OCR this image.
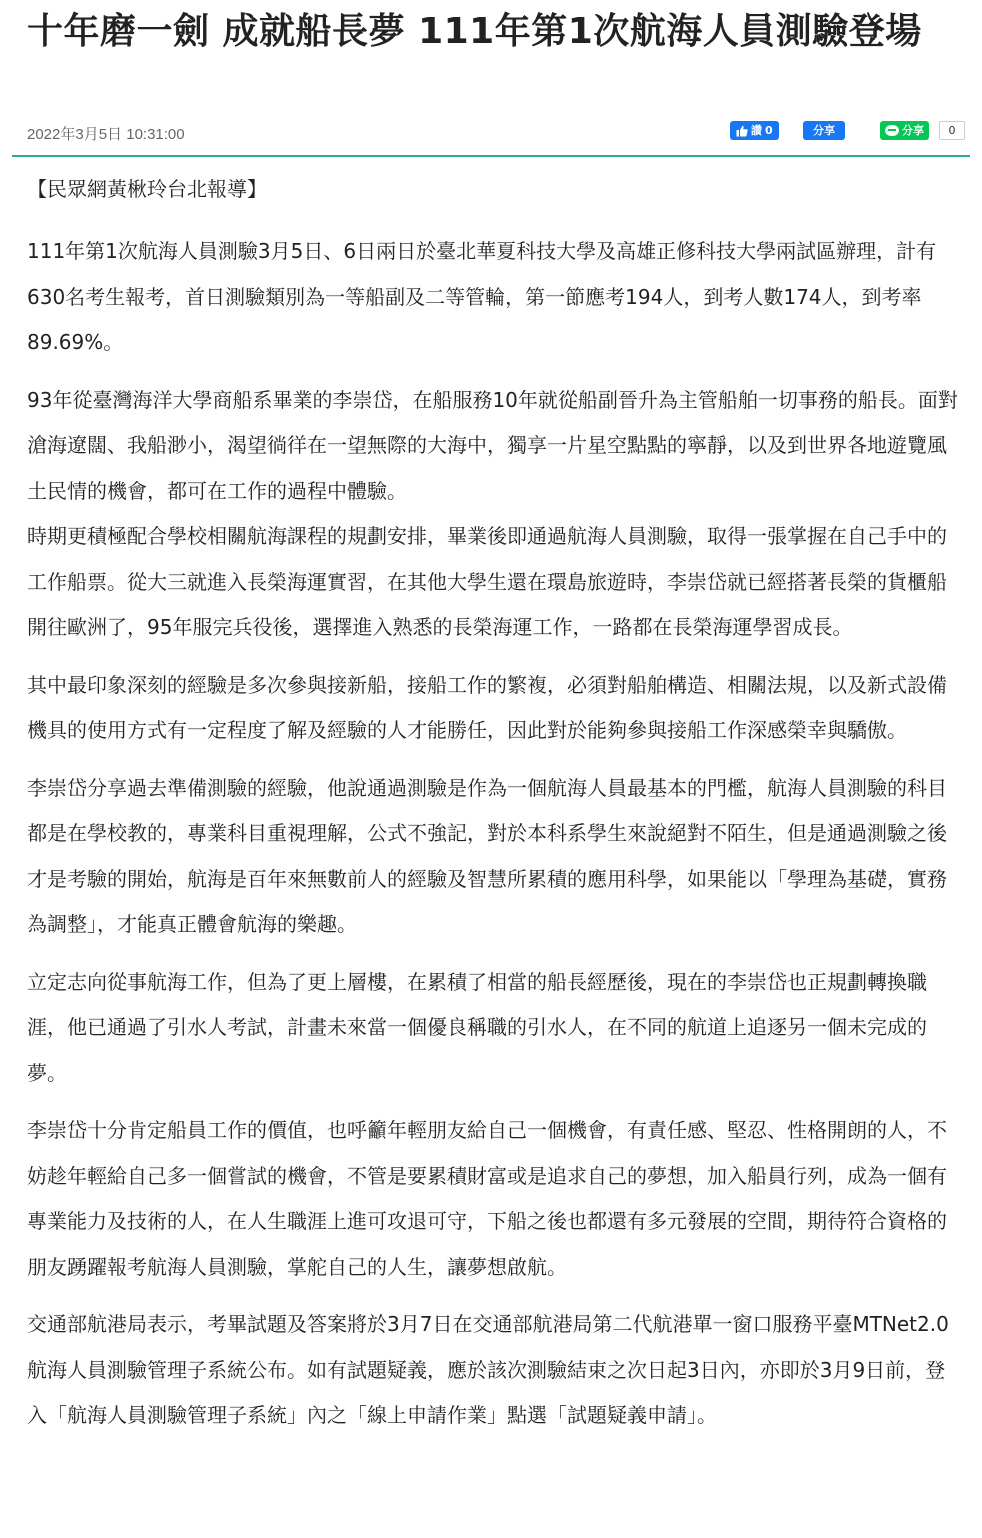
十年磨一劍 成就船長夢 111年第1次航海人員測驗登場
2022年3月5日 10:31:00	讚 0	分享	分享	0

【民眾網黃楸玲台北報導】

111年第1次航海人員測驗3月5日、6日兩日於臺北華夏科技大學及高雄正修科技大學兩試區辦理，計有630名考生報考，首日測驗類別為一等船副及二等管輪，第一節應考194人，到考人數174人，到考率89.69%。

93年從臺灣海洋大學商船系畢業的李崇岱，在船服務10年就從船副晉升為主管船舶一切事務的船長。面對滄海遼闊、我船渺小，渴望徜徉在一望無際的大海中，獨享一片星空點點的寧靜，以及到世界各地遊覽風土民情的機會，都可在工作的過程中體驗。

時期更積極配合學校相關航海課程的規劃安排，畢業後即通過航海人員測驗，取得一張掌握在自己手中的工作船票。從大三就進入長榮海運實習，在其他大學生還在環島旅遊時，李崇岱就已經搭著長榮的貨櫃船開往歐洲了，95年服完兵役後，選擇進入熟悉的長榮海運工作，一路都在長榮海運學習成長。

其中最印象深刻的經驗是多次參與接新船，接船工作的繁複，必須對船舶構造、相關法規，以及新式設備機具的使用方式有一定程度了解及經驗的人才能勝任，因此對於能夠參與接船工作深感榮幸與驕傲。

李崇岱分享過去準備測驗的經驗，他說通過測驗是作為一個航海人員最基本的門檻，航海人員測驗的科目都是在學校教的，專業科目重視理解，公式不強記，對於本科系學生來說絕對不陌生，但是通過測驗之後才是考驗的開始，航海是百年來無數前人的經驗及智慧所累積的應用科學，如果能以「學理為基礎，實務為調整」，才能真正體會航海的樂趣。

立定志向從事航海工作，但為了更上層樓，在累積了相當的船長經歷後，現在的李崇岱也正規劃轉換職涯，他已通過了引水人考試，計畫未來當一個優良稱職的引水人，在不同的航道上追逐另一個未完成的夢。

李崇岱十分肯定船員工作的價值，也呼籲年輕朋友給自己一個機會，有責任感、堅忍、性格開朗的人，不妨趁年輕給自己多一個嘗試的機會，不管是要累積財富或是追求自己的夢想，加入船員行列，成為一個有專業能力及技術的人，在人生職涯上進可攻退可守，下船之後也都還有多元發展的空間，期待符合資格的朋友踴躍報考航海人員測驗，掌舵自己的人生，讓夢想啟航。

交通部航港局表示，考畢試題及答案將於3月7日在交通部航港局第二代航港單一窗口服務平臺MTNet2.0航海人員測驗管理子系統公布。如有試題疑義，應於該次測驗結束之次日起3日內，亦即於3月9日前，登入「航海人員測驗管理子系統」內之「線上申請作業」點選「試題疑義申請」。
